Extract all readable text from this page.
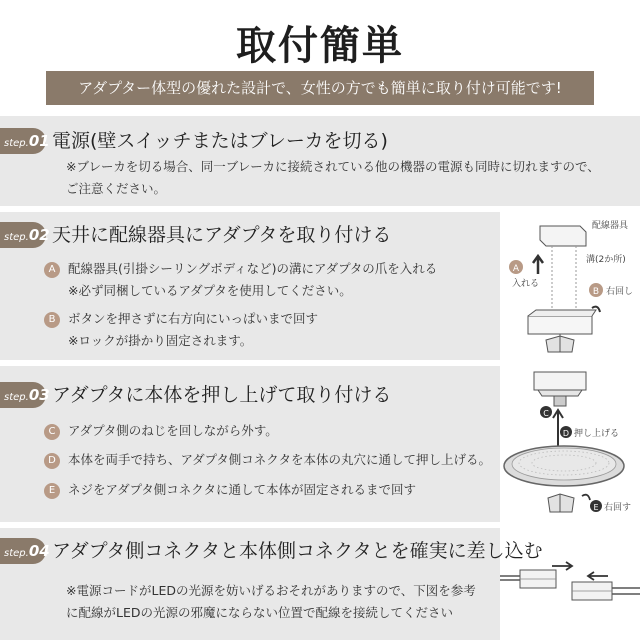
取付簡単
アダプター体型の優れた設計で、女性の方でも簡単に取り付け可能です!
step.01 電源(壁スイッチまたはブレーカを切る)
※ブレーカを切る場合、同一ブレーカに接続されている他の機器の電源も同時に切れますので、
ご注意ください。
step.02 天井に配線器具にアダプタを取り付ける
A 配線器具(引掛シーリングボディなど)の溝にアダプタの爪を入れる
※必ず同梱しているアダプタを使用してください。
B ボタンを押さずに右方向にいっぱいまで回す
※ロックが掛かり固定されます。
配線器具
溝(2か所)
A
入れる
B 右回し
step.03 アダプタに本体を押し上げて取り付ける
C アダプタ側のねじを回しながら外す。
D 本体を両手で持ち、アダプタ側コネクタを本体の丸穴に通して押し上げる。
E ネジをアダプタ側コネクタに通して本体が固定されるまで回す
C
D 押し上げる
E 右回す
step.04 アダプタ側コネクタと本体側コネクタとを確実に差し込む
※電源コードがLEDの光源を妨いげるおそれがありますので、下図を参考
に配線がLEDの光源の邪魔にならない位置で配線を接続してください
